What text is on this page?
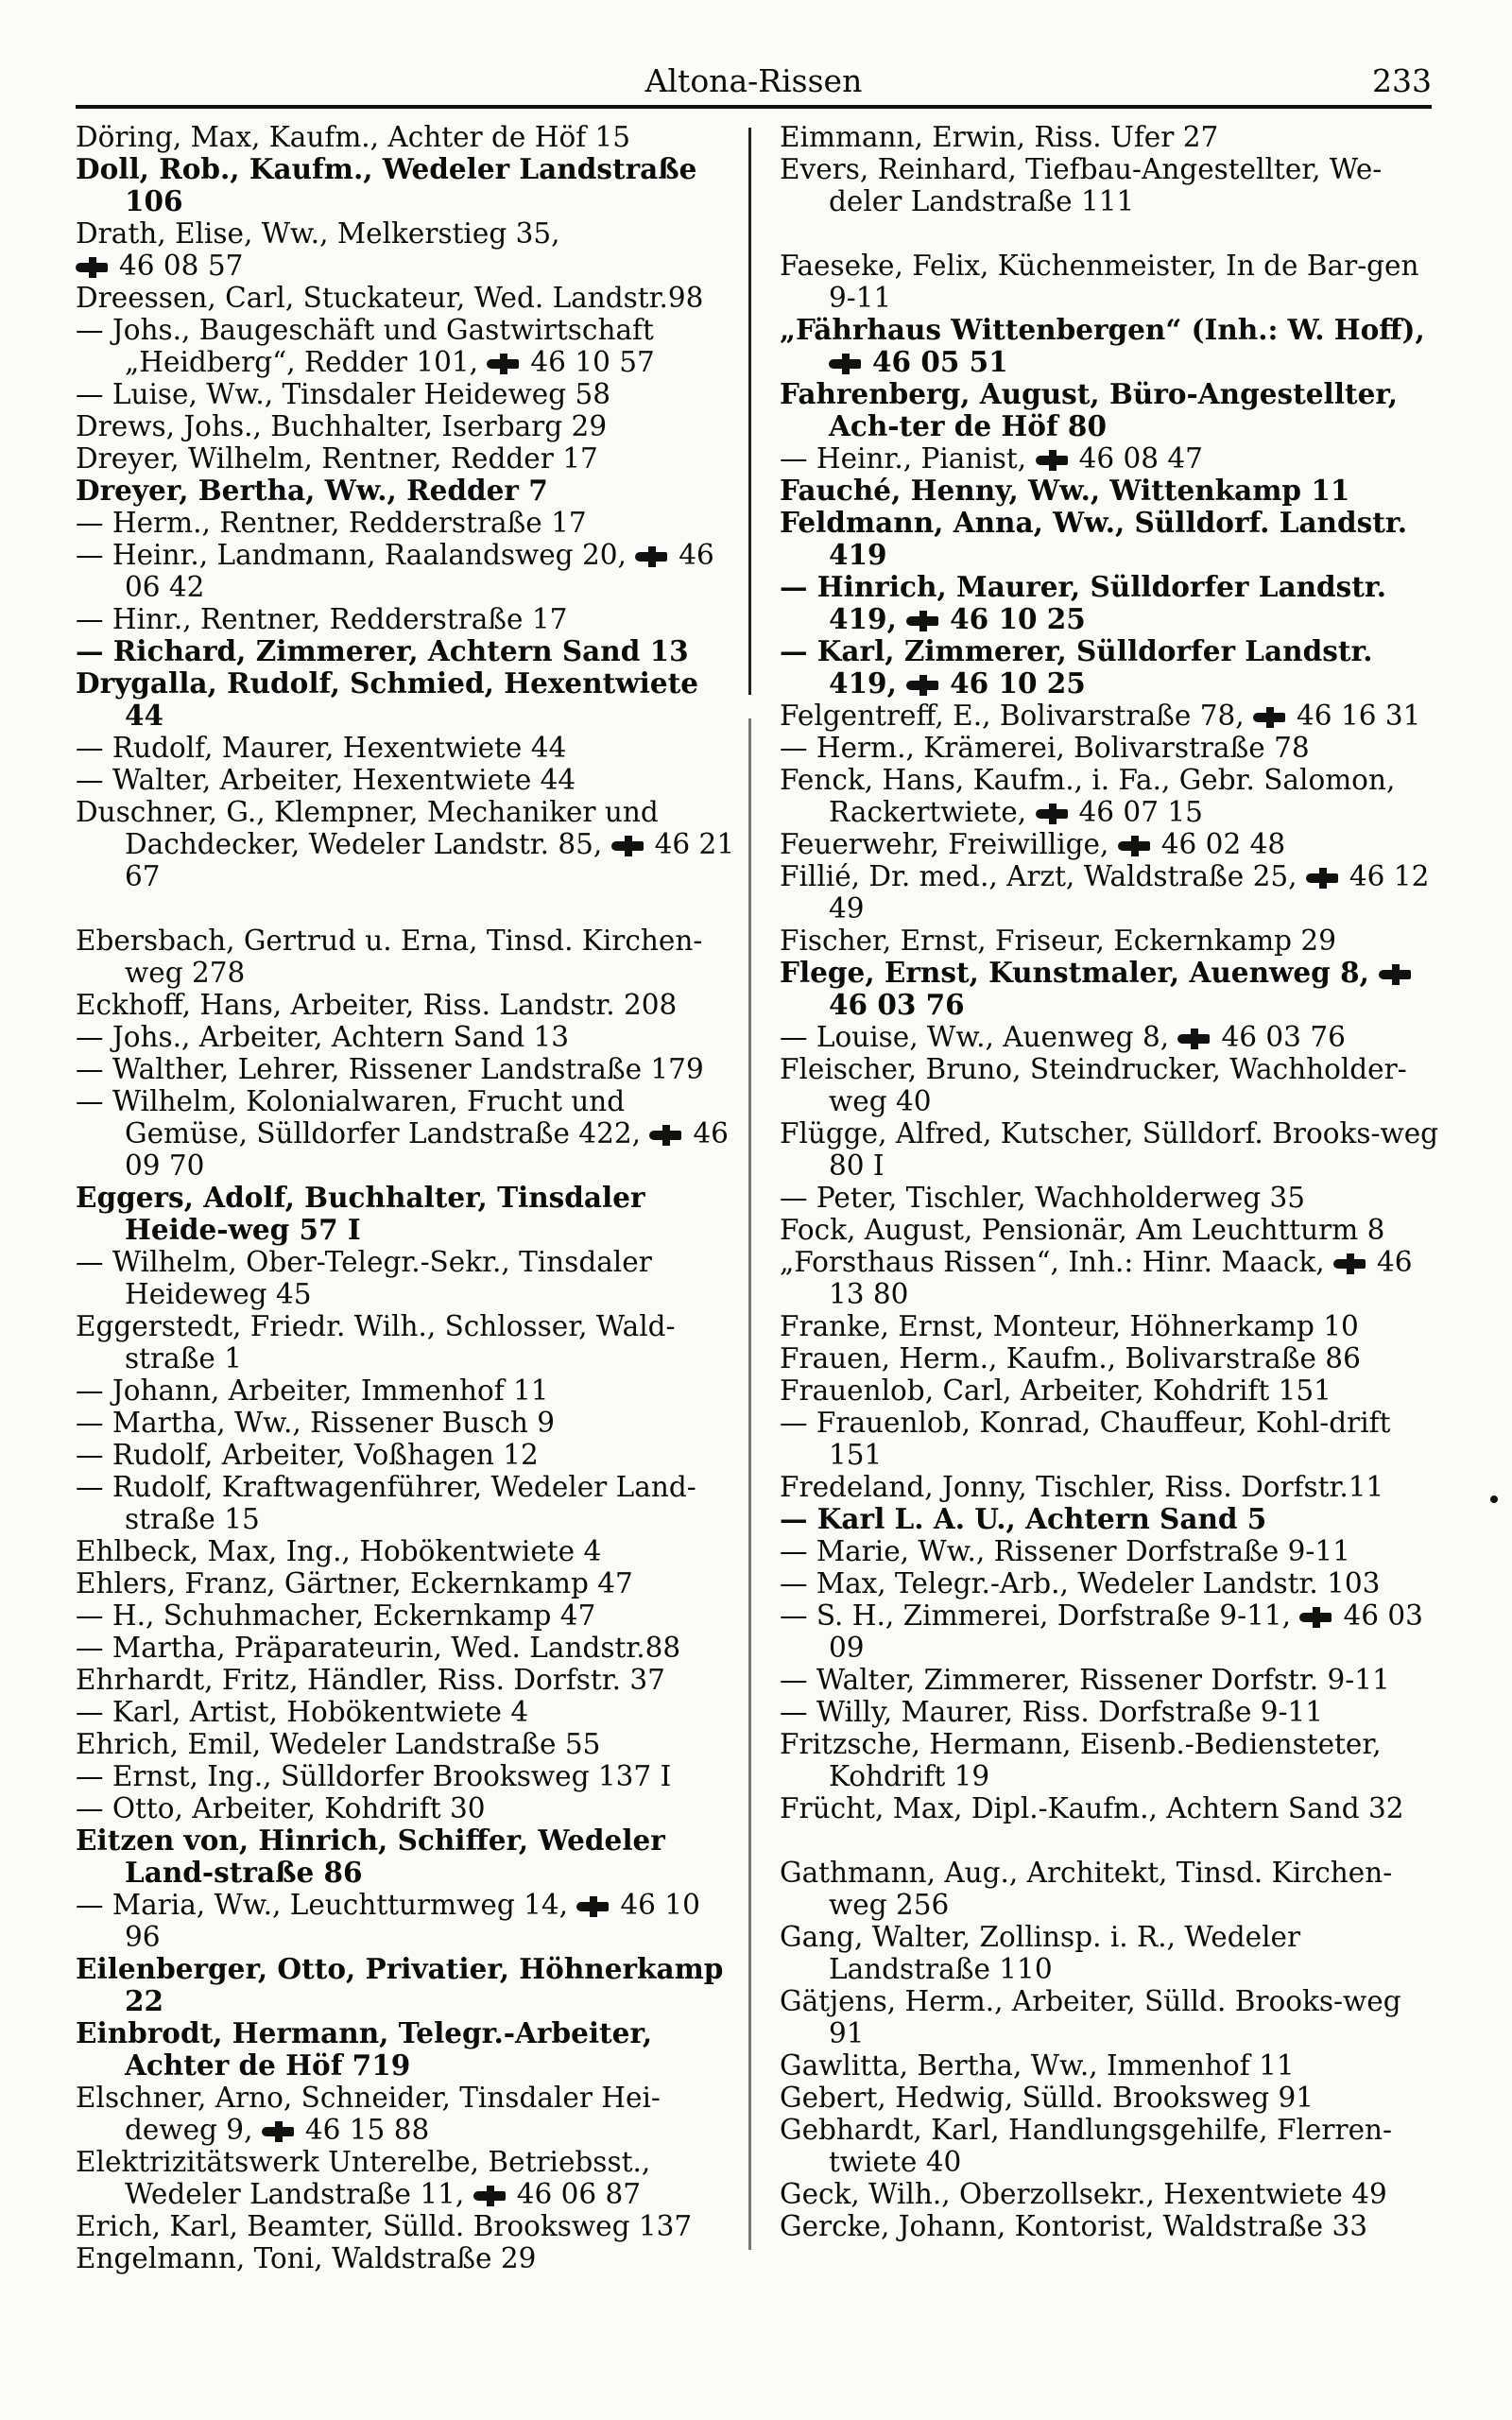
Altona-Rissen	233

Döring, Max, Kaufm., Achter de Höf 15

Doll, Rob., Kaufm., Wedeler Landstraße 106

Drath, Elise, Ww., Melkerstieg 35,

46 08 57

Dreessen, Carl, Stuckateur, Wed. Landstr.98

— Johs., Baugeschäft und Gastwirtschaft „Heidberg“, Redder 101, 46 10 57

— Luise, Ww., Tinsdaler Heideweg 58

Drews, Johs., Buchhalter, Iserbarg 29

Dreyer, Wilhelm, Rentner, Redder 17

Dreyer, Bertha, Ww., Redder 7

— Herm., Rentner, Redderstraße 17

— Heinr., Landmann, Raalandsweg 20, 46 06 42

— Hinr., Rentner, Redderstraße 17

— Richard, Zimmerer, Achtern Sand 13

Drygalla, Rudolf, Schmied, Hexentwiete 44

— Rudolf, Maurer, Hexentwiete 44

— Walter, Arbeiter, Hexentwiete 44

Duschner, G., Klempner, Mechaniker und Dachdecker, Wedeler Landstr. 85, 46 21 67

Ebersbach, Gertrud u. Erna, Tinsd. Kirchen-weg 278

Eckhoff, Hans, Arbeiter, Riss. Landstr. 208

— Johs., Arbeiter, Achtern Sand 13

— Walther, Lehrer, Rissener Landstraße 179

— Wilhelm, Kolonialwaren, Frucht und Gemüse, Sülldorfer Landstraße 422, 46 09 70

Eggers, Adolf, Buchhalter, Tinsdaler Heide-weg 57 I

— Wilhelm, Ober-Telegr.-Sekr., Tinsdaler Heideweg 45

Eggerstedt, Friedr. Wilh., Schlosser, Wald-straße 1

— Johann, Arbeiter, Immenhof 11

— Martha, Ww., Rissener Busch 9

— Rudolf, Arbeiter, Voßhagen 12

— Rudolf, Kraftwagenführer, Wedeler Land-straße 15

Ehlbeck, Max, Ing., Hobökentwiete 4

Ehlers, Franz, Gärtner, Eckernkamp 47

— H., Schuhmacher, Eckernkamp 47

— Martha, Präparateurin, Wed. Landstr.88

Ehrhardt, Fritz, Händler, Riss. Dorfstr. 37

— Karl, Artist, Hobökentwiete 4

Ehrich, Emil, Wedeler Landstraße 55

— Ernst, Ing., Sülldorfer Brooksweg 137 I

— Otto, Arbeiter, Kohdrift 30

Eitzen von, Hinrich, Schiffer, Wedeler Land-straße 86

— Maria, Ww., Leuchtturmweg 14, 46 10 96

Eilenberger, Otto, Privatier, Höhnerkamp 22

Einbrodt, Hermann, Telegr.-Arbeiter, Achter de Höf 719

Elschner, Arno, Schneider, Tinsdaler Hei-deweg 9, 46 15 88

Elektrizitätswerk Unterelbe, Betriebsst., Wedeler Landstraße 11, 46 06 87

Erich, Karl, Beamter, Sülld. Brooksweg 137

Engelmann, Toni, Waldstraße 29

Eimmann, Erwin, Riss. Ufer 27

Evers, Reinhard, Tiefbau-Angestellter, We-deler Landstraße 111

Faeseke, Felix, Küchenmeister, In de Bar-gen 9-11

„Fährhaus Wittenbergen“ (Inh.: W. Hoff), 46 05 51

Fahrenberg, August, Büro-Angestellter, Ach-ter de Höf 80

— Heinr., Pianist, 46 08 47

Fauché, Henny, Ww., Wittenkamp 11

Feldmann, Anna, Ww., Sülldorf. Landstr. 419

— Hinrich, Maurer, Sülldorfer Landstr. 419, 46 10 25

— Karl, Zimmerer, Sülldorfer Landstr. 419, 46 10 25

Felgentreff, E., Bolivarstraße 78, 46 16 31

— Herm., Krämerei, Bolivarstraße 78

Fenck, Hans, Kaufm., i. Fa., Gebr. Salomon, Rackertwiete, 46 07 15

Feuerwehr, Freiwillige, 46 02 48

Fillié, Dr. med., Arzt, Waldstraße 25, 46 12 49

Fischer, Ernst, Friseur, Eckernkamp 29

Flege, Ernst, Kunstmaler, Auenweg 8, 46 03 76

— Louise, Ww., Auenweg 8, 46 03 76

Fleischer, Bruno, Steindrucker, Wachholder-weg 40

Flügge, Alfred, Kutscher, Sülldorf. Brooks-weg 80 I

— Peter, Tischler, Wachholderweg 35

Fock, August, Pensionär, Am Leuchtturm 8

„Forsthaus Rissen“, Inh.: Hinr. Maack, 46 13 80

Franke, Ernst, Monteur, Höhnerkamp 10

Frauen, Herm., Kaufm., Bolivarstraße 86

Frauenlob, Carl, Arbeiter, Kohdrift 151

— Frauenlob, Konrad, Chauffeur, Kohl-drift 151

Fredeland, Jonny, Tischler, Riss. Dorfstr.11

— Karl L. A. U., Achtern Sand 5

— Marie, Ww., Rissener Dorfstraße 9-11

— Max, Telegr.-Arb., Wedeler Landstr. 103

— S. H., Zimmerei, Dorfstraße 9-11, 46 03 09

— Walter, Zimmerer, Rissener Dorfstr. 9-11

— Willy, Maurer, Riss. Dorfstraße 9-11

Fritzsche, Hermann, Eisenb.-Bediensteter, Kohdrift 19

Frücht, Max, Dipl.-Kaufm., Achtern Sand 32

Gathmann, Aug., Architekt, Tinsd. Kirchen-weg 256

Gang, Walter, Zollinsp. i. R., Wedeler Landstraße 110

Gätjens, Herm., Arbeiter, Sülld. Brooks-weg 91

Gawlitta, Bertha, Ww., Immenhof 11

Gebert, Hedwig, Sülld. Brooksweg 91

Gebhardt, Karl, Handlungsgehilfe, Flerren-twiete 40

Geck, Wilh., Oberzollsekr., Hexentwiete 49

Gercke, Johann, Kontorist, Waldstraße 33
